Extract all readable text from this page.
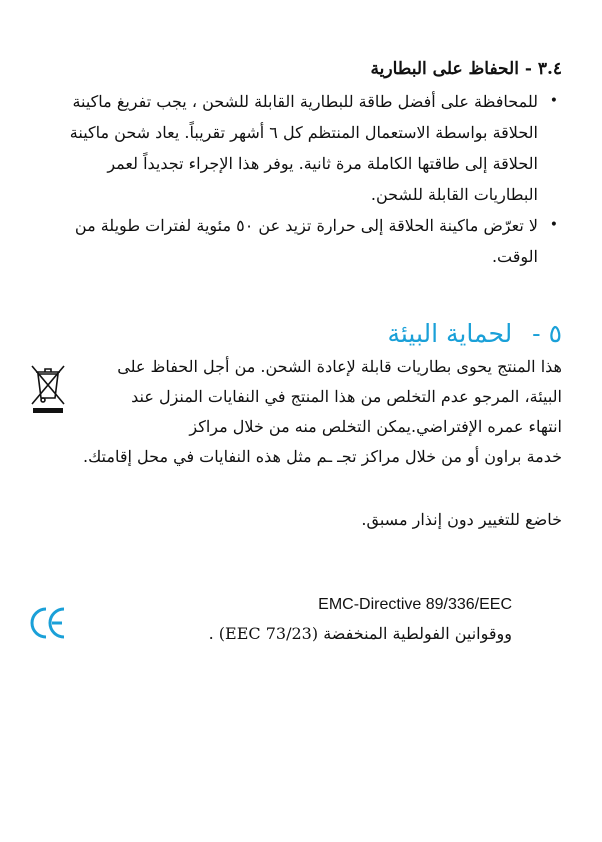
٣.٤ - الحفاظ على البطارية
•
للمحافظة على أفضل طاقة للبطارية القابلة للشحن ، يجب تفريغ ماكينة الحلاقة بواسطة الاستعمال المنتظم كل ٦ أشهر تقريباً. يعاد شحن ماكينة الحلاقة إلى طاقتها الكاملة مرة ثانية. يوفر هذا الإجراء تجديداً لعمر البطاريات القابلة للشحن.
•
لا تعرّض ماكينة الحلاقة إلى حرارة تزيد عن ٥٠ مئوية لفترات طويلة من الوقت.
٥ - لحماية البيئة

هذا المنتج يحوى بطاريات قابلة لإعادة الشحن. من أجل الحفاظ على البيئة، المرجو عدم التخلص من هذا المنتج في النفايات المنزل عند انتهاء عمره الإفتراضي.يمكن التخلص منه من خلال مراكز

خدمة براون أو من خلال مراكز تجـ ـم مثل هذه النفايات في محل إقامتك.
خاضع للتغيير دون إنذار مسبق.
EMC-Directive 89/336/EEC
ووقوانين الفولطية المنخفضة (73/23 EEC) .
